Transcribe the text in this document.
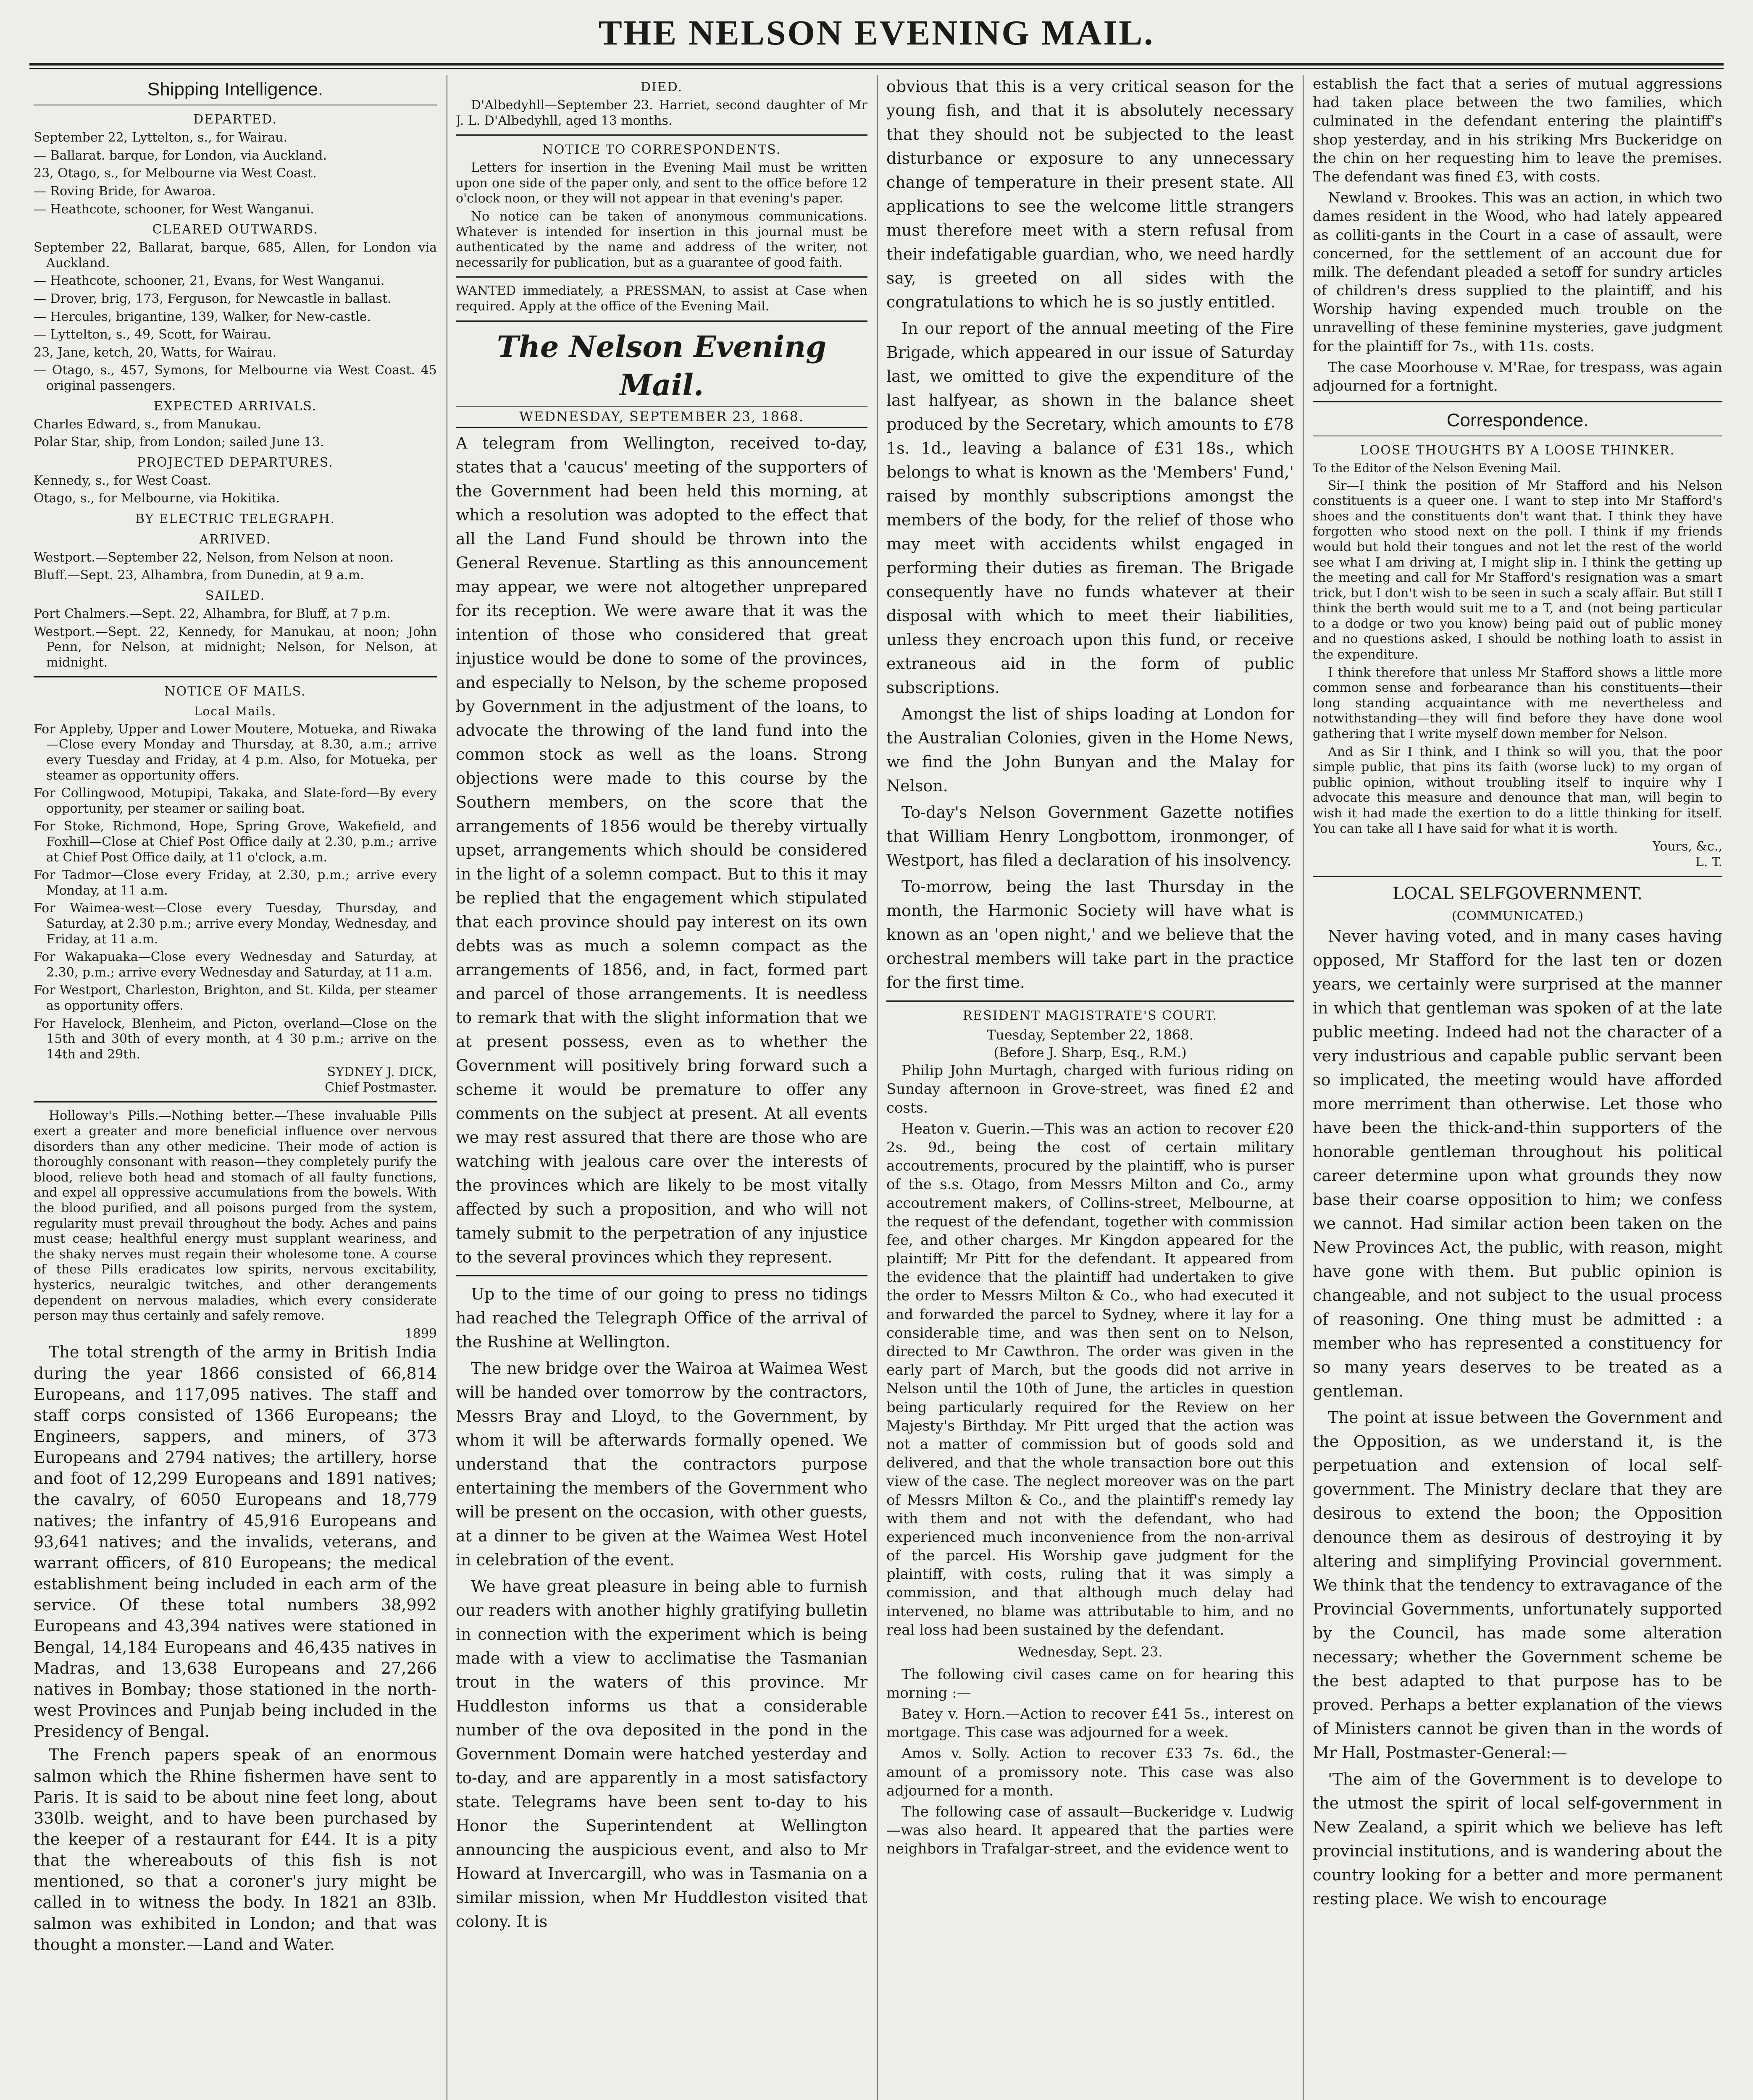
THE NELSON EVENING MAIL.
Shipping Intelligence.
DEPARTED.

September 22, Lyttelton, s., for Wairau.

— Ballarat. barque, for London, via Auckland.

23, Otago, s., for Melbourne via West Coast.

— Roving Bride, for Awaroa.

— Heathcote, schooner, for West Wanganui.

CLEARED OUTWARDS.

September 22, Ballarat, barque, 685, Allen, for London via Auckland.

— Heathcote, schooner, 21, Evans, for West Wanganui.

— Drover, brig, 173, Ferguson, for Newcastle in ballast.

— Hercules, brigantine, 139, Walker, for New-castle.

— Lyttelton, s., 49, Scott, for Wairau.

23, Jane, ketch, 20, Watts, for Wairau.

— Otago, s., 457, Symons, for Melbourne via West Coast. 45 original passengers.

EXPECTED ARRIVALS.

Charles Edward, s., from Manukau.

Polar Star, ship, from London; sailed June 13.

PROJECTED DEPARTURES.

Kennedy, s., for West Coast.

Otago, s., for Melbourne, via Hokitika.

BY ELECTRIC TELEGRAPH.
ARRIVED.

Westport.—September 22, Nelson, from Nelson at noon.

Bluff.—Sept. 23, Alhambra, from Dunedin, at 9 a.m.

SAILED.

Port Chalmers.—Sept. 22, Alhambra, for Bluff, at 7 p.m.

Westport.—Sept. 22, Kennedy, for Manukau, at noon; John Penn, for Nelson, at midnight; Nelson, for Nelson, at midnight.

NOTICE OF MAILS.
Local Mails.

For Appleby, Upper and Lower Moutere, Motueka, and Riwaka—Close every Monday and Thursday, at 8.30, a.m.; arrive every Tuesday and Friday, at 4 p.m. Also, for Motueka, per steamer as opportunity offers.

For Collingwood, Motupipi, Takaka, and Slate-ford—By every opportunity, per steamer or sailing boat.

For Stoke, Richmond, Hope, Spring Grove, Wakefield, and Foxhill—Close at Chief Post Office daily at 2.30, p.m.; arrive at Chief Post Office daily, at 11 o'clock, a.m.

For Tadmor—Close every Friday, at 2.30, p.m.; arrive every Monday, at 11 a.m.

For Waimea-west—Close every Tuesday, Thursday, and Saturday, at 2.30 p.m.; arrive every Monday, Wednesday, and Friday, at 11 a.m.

For Wakapuaka—Close every Wednesday and Saturday, at 2.30, p.m.; arrive every Wednesday and Saturday, at 11 a.m.

For Westport, Charleston, Brighton, and St. Kilda, per steamer as opportunity offers.

For Havelock, Blenheim, and Picton, overland—Close on the 15th and 30th of every month, at 4 30 p.m.; arrive on the 14th and 29th.

SYDNEY J. DICK,
Chief Postmaster.

Holloway's Pills.—Nothing better.—These invaluable Pills exert a greater and more beneficial influence over nervous disorders than any other medicine. Their mode of action is thoroughly consonant with reason—they completely purify the blood, relieve both head and stomach of all faulty functions, and expel all oppressive accumulations from the bowels. With the blood purified, and all poisons purged from the system, regularity must prevail throughout the body. Aches and pains must cease; healthful energy must supplant weariness, and the shaky nerves must regain their wholesome tone. A course of these Pills eradicates low spirits, nervous excitability, hysterics, neuralgic twitches, and other derangements dependent on nervous maladies, which every considerate person may thus certainly and safely remove.

1899

The total strength of the army in British India during the year 1866 consisted of 66,814 Europeans, and 117,095 natives. The staff and staff corps consisted of 1366 Europeans; the Engineers, sappers, and miners, of 373 Europeans and 2794 natives; the artillery, horse and foot of 12,299 Europeans and 1891 natives; the cavalry, of 6050 Europeans and 18,779 natives; the infantry of 45,916 Europeans and 93,641 natives; and the invalids, veterans, and warrant officers, of 810 Europeans; the medical establishment being included in each arm of the service. Of these total numbers 38,992 Europeans and 43,394 natives were stationed in Bengal, 14,184 Europeans and 46,435 natives in Madras, and 13,638 Europeans and 27,266 natives in Bombay; those stationed in the north-west Provinces and Punjab being included in the Presidency of Bengal.

The French papers speak of an enormous salmon which the Rhine fishermen have sent to Paris. It is said to be about nine feet long, about 330lb. weight, and to have been purchased by the keeper of a restaurant for £44. It is a pity that the whereabouts of this fish is not mentioned, so that a coroner's jury might be called in to witness the body. In 1821 an 83lb. salmon was exhibited in London; and that was thought a monster.—Land and Water.

DIED.

D'Albedyhll—September 23. Harriet, second daughter of Mr J. L. D'Albedyhll, aged 13 months.

NOTICE TO CORRESPONDENTS.

Letters for insertion in the Evening Mail must be written upon one side of the paper only, and sent to the office before 12 o'clock noon, or they will not appear in that evening's paper.

No notice can be taken of anonymous communications. Whatever is intended for insertion in this journal must be authenticated by the name and address of the writer, not necessarily for publication, but as a guarantee of good faith.

WANTED immediately, a PRESSMAN, to assist at Case when required. Apply at the office of the Evening Mail.

The Nelson Evening Mail.
WEDNESDAY, SEPTEMBER 23, 1868.

A telegram from Wellington, received to-day, states that a 'caucus' meeting of the supporters of the Government had been held this morning, at which a resolution was adopted to the effect that all the Land Fund should be thrown into the General Revenue. Startling as this announcement may appear, we were not altogether unprepared for its reception. We were aware that it was the intention of those who considered that great injustice would be done to some of the provinces, and especially to Nelson, by the scheme proposed by Government in the adjustment of the loans, to advocate the throwing of the land fund into the common stock as well as the loans. Strong objections were made to this course by the Southern members, on the score that the arrangements of 1856 would be thereby virtually upset, arrangements which should be considered in the light of a solemn compact. But to this it may be replied that the engagement which stipulated that each province should pay interest on its own debts was as much a solemn compact as the arrangements of 1856, and, in fact, formed part and parcel of those arrangements. It is needless to remark that with the slight information that we at present possess, even as to whether the Government will positively bring forward such a scheme it would be premature to offer any comments on the subject at present. At all events we may rest assured that there are those who are watching with jealous care over the interests of the provinces which are likely to be most vitally affected by such a proposition, and who will not tamely submit to the perpetration of any injustice to the several provinces which they represent.

Up to the time of our going to press no tidings had reached the Telegraph Office of the arrival of the Rushine at Wellington.

The new bridge over the Wairoa at Waimea West will be handed over tomorrow by the contractors, Messrs Bray and Lloyd, to the Government, by whom it will be afterwards formally opened. We understand that the contractors purpose entertaining the members of the Government who will be present on the occasion, with other guests, at a dinner to be given at the Waimea West Hotel in celebration of the event.

We have great pleasure in being able to furnish our readers with another highly gratifying bulletin in connection with the experiment which is being made with a view to acclimatise the Tasmanian trout in the waters of this province. Mr Huddleston informs us that a considerable number of the ova deposited in the pond in the Government Domain were hatched yesterday and to-day, and are apparently in a most satisfactory state. Telegrams have been sent to-day to his Honor the Superintendent at Wellington announcing the auspicious event, and also to Mr Howard at Invercargill, who was in Tasmania on a similar mission, when Mr Huddleston visited that colony. It is

obvious that this is a very critical season for the young fish, and that it is absolutely necessary that they should not be subjected to the least disturbance or exposure to any unnecessary change of temperature in their present state. All applications to see the welcome little strangers must therefore meet with a stern refusal from their indefatigable guardian, who, we need hardly say, is greeted on all sides with the congratulations to which he is so justly entitled.

In our report of the annual meeting of the Fire Brigade, which appeared in our issue of Saturday last, we omitted to give the expenditure of the last halfyear, as shown in the balance sheet produced by the Secretary, which amounts to £78 1s. 1d., leaving a balance of £31 18s., which belongs to what is known as the 'Members' Fund,' raised by monthly subscriptions amongst the members of the body, for the relief of those who may meet with accidents whilst engaged in performing their duties as fireman. The Brigade consequently have no funds whatever at their disposal with which to meet their liabilities, unless they encroach upon this fund, or receive extraneous aid in the form of public subscriptions.

Amongst the list of ships loading at London for the Australian Colonies, given in the Home News, we find the John Bunyan and the Malay for Nelson.

To-day's Nelson Government Gazette notifies that William Henry Longbottom, ironmonger, of Westport, has filed a declaration of his insolvency.

To-morrow, being the last Thursday in the month, the Harmonic Society will have what is known as an 'open night,' and we believe that the orchestral members will take part in the practice for the first time.

RESIDENT MAGISTRATE'S COURT.
Tuesday, September 22, 1868.
(Before J. Sharp, Esq., R.M.)

Philip John Murtagh, charged with furious riding on Sunday afternoon in Grove-street, was fined £2 and costs.

Heaton v. Guerin.—This was an action to recover £20 2s. 9d., being the cost of certain military accoutrements, procured by the plaintiff, who is purser of the s.s. Otago, from Messrs Milton and Co., army accoutrement makers, of Collins-street, Melbourne, at the request of the defendant, together with commission fee, and other charges. Mr Kingdon appeared for the plaintiff; Mr Pitt for the defendant. It appeared from the evidence that the plaintiff had undertaken to give the order to Messrs Milton & Co., who had executed it and forwarded the parcel to Sydney, where it lay for a considerable time, and was then sent on to Nelson, directed to Mr Cawthron. The order was given in the early part of March, but the goods did not arrive in Nelson until the 10th of June, the articles in question being particularly required for the Review on her Majesty's Birthday. Mr Pitt urged that the action was not a matter of commission but of goods sold and delivered, and that the whole transaction bore out this view of the case. The neglect moreover was on the part of Messrs Milton & Co., and the plaintiff's remedy lay with them and not with the defendant, who had experienced much inconvenience from the non-arrival of the parcel. His Worship gave judgment for the plaintiff, with costs, ruling that it was simply a commission, and that although much delay had intervened, no blame was attributable to him, and no real loss had been sustained by the defendant.

Wednesday, Sept. 23.

The following civil cases came on for hearing this morning :—

Batey v. Horn.—Action to recover £41 5s., interest on mortgage. This case was adjourned for a week.

Amos v. Solly. Action to recover £33 7s. 6d., the amount of a promissory note. This case was also adjourned for a month.

The following case of assault—Buckeridge v. Ludwig—was also heard. It appeared that the parties were neighbors in Trafalgar-street, and the evidence went to

establish the fact that a series of mutual aggressions had taken place between the two families, which culminated in the defendant entering the plaintiff's shop yesterday, and in his striking Mrs Buckeridge on the chin on her requesting him to leave the premises. The defendant was fined £3, with costs.

Newland v. Brookes. This was an action, in which two dames resident in the Wood, who had lately appeared as colliti-gants in the Court in a case of assault, were concerned, for the settlement of an account due for milk. The defendant pleaded a setoff for sundry articles of children's dress supplied to the plaintiff, and his Worship having expended much trouble on the unravelling of these feminine mysteries, gave judgment for the plaintiff for 7s., with 11s. costs.

The case Moorhouse v. M'Rae, for trespass, was again adjourned for a fortnight.

Correspondence.
LOOSE THOUGHTS BY A LOOSE THINKER.

To the Editor of the Nelson Evening Mail.

Sir—I think the position of Mr Stafford and his Nelson constituents is a queer one. I want to step into Mr Stafford's shoes and the constituents don't want that. I think they have forgotten who stood next on the poll. I think if my friends would but hold their tongues and not let the rest of the world see what I am driving at, I might slip in. I think the getting up the meeting and call for Mr Stafford's resignation was a smart trick, but I don't wish to be seen in such a scaly affair. But still I think the berth would suit me to a T, and (not being particular to a dodge or two you know) being paid out of public money and no questions asked, I should be nothing loath to assist in the expenditure.

I think therefore that unless Mr Stafford shows a little more common sense and forbearance than his constituents—their long standing acquaintance with me nevertheless and notwithstanding—they will find before they have done wool gathering that I write myself down member for Nelson.

And as Sir I think, and I think so will you, that the poor simple public, that pins its faith (worse luck) to my organ of public opinion, without troubling itself to inquire why I advocate this measure and denounce that man, will begin to wish it had made the exertion to do a little thinking for itself. You can take all I have said for what it is worth.

Yours, &c.,
L. T.
LOCAL SELFGOVERNMENT.
(COMMUNICATED.)

Never having voted, and in many cases having opposed, Mr Stafford for the last ten or dozen years, we certainly were surprised at the manner in which that gentleman was spoken of at the late public meeting. Indeed had not the character of a very industrious and capable public servant been so implicated, the meeting would have afforded more merriment than otherwise. Let those who have been the thick-and-thin supporters of the honorable gentleman throughout his political career determine upon what grounds they now base their coarse opposition to him; we confess we cannot. Had similar action been taken on the New Provinces Act, the public, with reason, might have gone with them. But public opinion is changeable, and not subject to the usual process of reasoning. One thing must be admitted : a member who has represented a constituency for so many years deserves to be treated as a gentleman.

The point at issue between the Government and the Opposition, as we understand it, is the perpetuation and extension of local self-government. The Ministry declare that they are desirous to extend the boon; the Opposition denounce them as desirous of destroying it by altering and simplifying Provincial government. We think that the tendency to extravagance of the Provincial Governments, unfortunately supported by the Council, has made some alteration necessary; whether the Government scheme be the best adapted to that purpose has to be proved. Perhaps a better explanation of the views of Ministers cannot be given than in the words of Mr Hall, Postmaster-General:—

'The aim of the Government is to develope to the utmost the spirit of local self-government in New Zealand, a spirit which we believe has left provincial institutions, and is wandering about the country looking for a better and more permanent resting place. We wish to encourage
